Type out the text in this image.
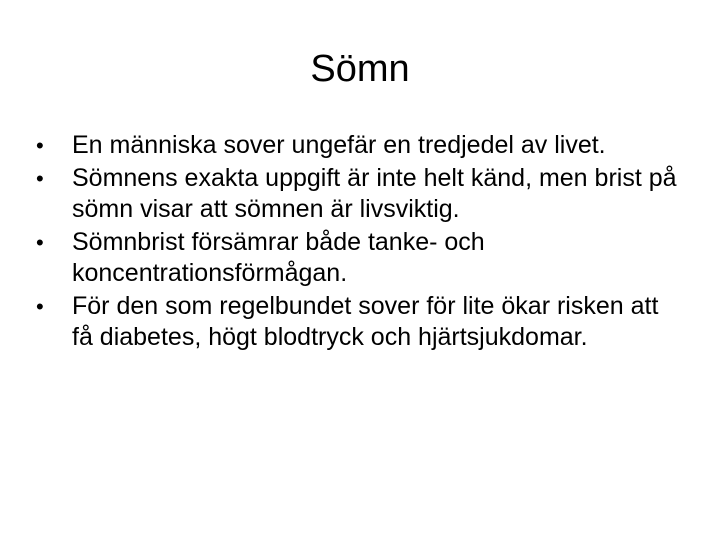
Sömn
•	En människa sover ungefär en tredjedel av livet.
•	Sömnens exakta uppgift är inte helt känd, men brist på sömn visar att sömnen är livsviktig.
•	Sömnbrist försämrar både tanke- och koncentrationsförmågan.
•	För den som regelbundet sover för lite ökar risken att få diabetes, högt blodtryck och hjärtsjukdomar.
